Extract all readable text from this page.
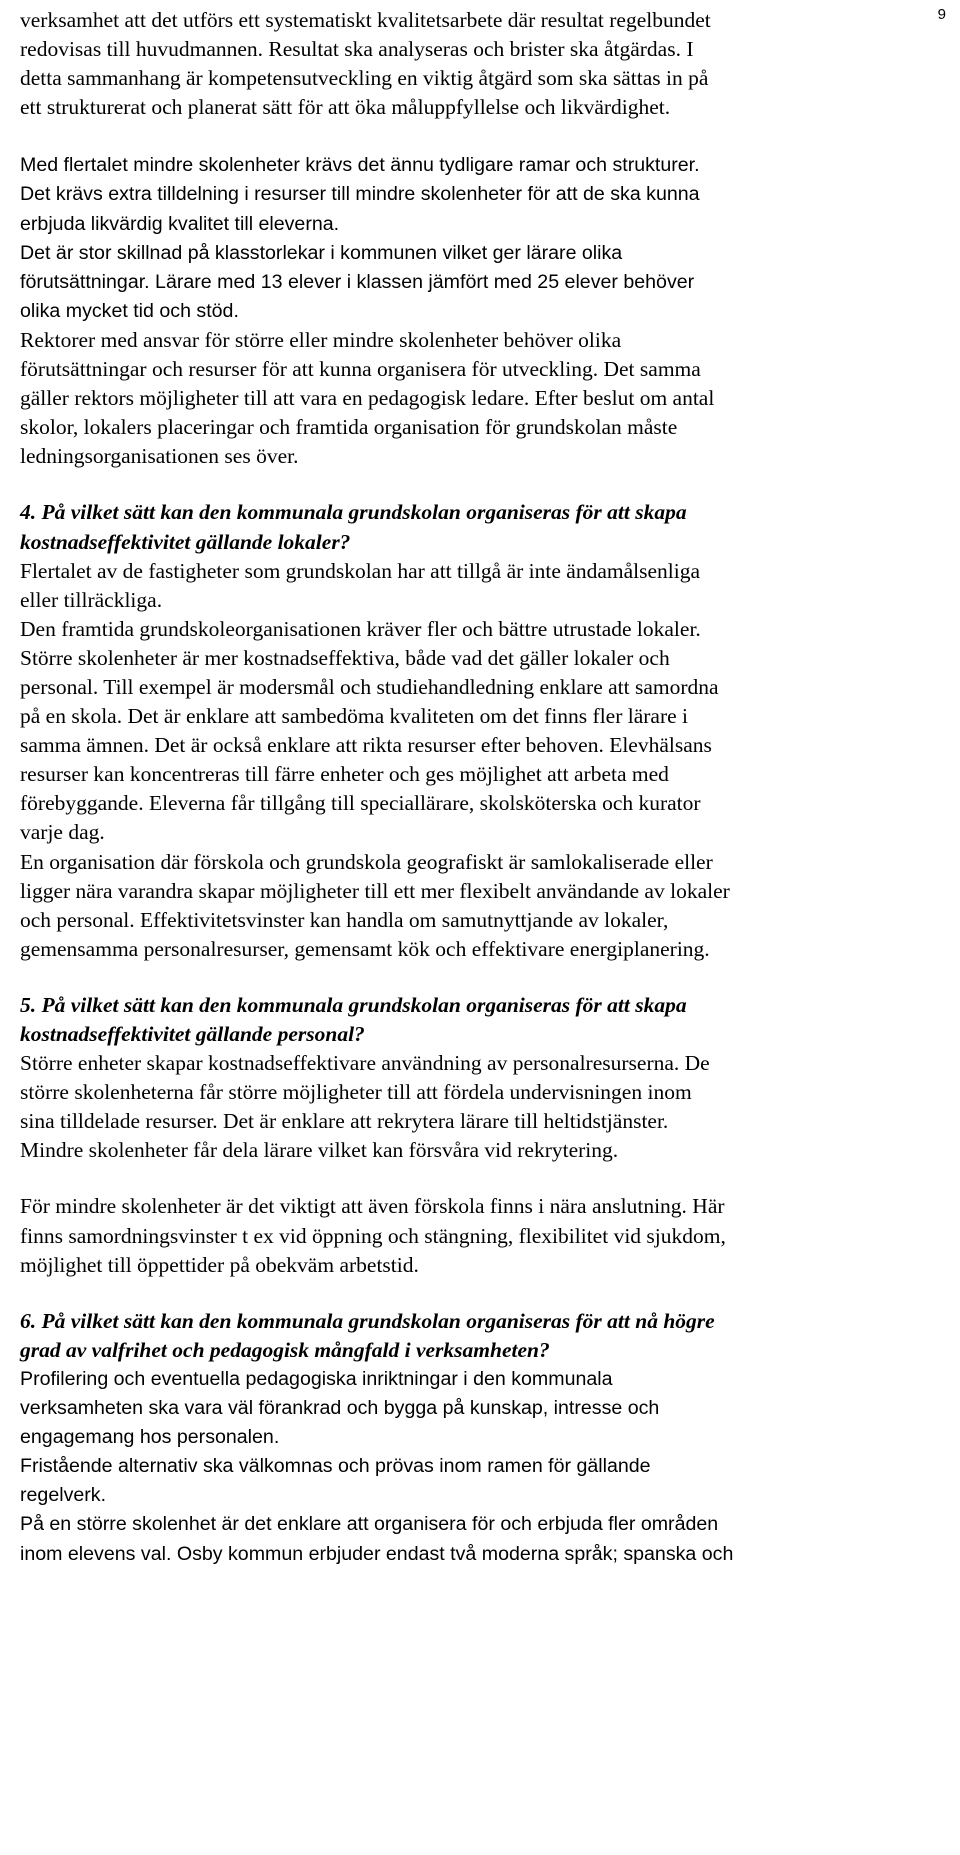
9

verksamhet att det utförs ett systematiskt kvalitetsarbete där resultat regelbundet
redovisas till huvudmannen. Resultat ska analyseras och brister ska åtgärdas. I
detta sammanhang är kompetensutveckling en viktig åtgärd som ska sättas in på
ett strukturerat och planerat sätt för att öka måluppfyllelse och likvärdighet.

Med flertalet mindre skolenheter krävs det ännu tydligare ramar och strukturer.
Det krävs extra tilldelning i resurser till mindre skolenheter för att de ska kunna
erbjuda likvärdig kvalitet till eleverna.
Det är stor skillnad på klasstorlekar i kommunen vilket ger lärare olika
förutsättningar. Lärare med 13 elever i klassen jämfört med 25 elever behöver
olika mycket tid och stöd.

Rektorer med ansvar för större eller mindre skolenheter behöver olika
förutsättningar och resurser för att kunna organisera för utveckling. Det samma
gäller rektors möjligheter till att vara en pedagogisk ledare. Efter beslut om antal
skolor, lokalers placeringar och framtida organisation för grundskolan måste
ledningsorganisationen ses över.

4. På vilket sätt kan den kommunala grundskolan organiseras för att skapa
kostnadseffektivitet gällande lokaler?

Flertalet av de fastigheter som grundskolan har att tillgå är inte ändamålsenliga
eller tillräckliga.
Den framtida grundskoleorganisationen kräver fler och bättre utrustade lokaler.
Större skolenheter är mer kostnadseffektiva, både vad det gäller lokaler och
personal. Till exempel är modersmål och studiehandledning enklare att samordna
på en skola. Det är enklare att sambedöma kvaliteten om det finns fler lärare i
samma ämnen. Det är också enklare att rikta resurser efter behoven. Elevhälsans
resurser kan koncentreras till färre enheter och ges möjlighet att arbeta med
förebyggande. Eleverna får tillgång till speciallärare, skolsköterska och kurator
varje dag.
En organisation där förskola och grundskola geografiskt är samlokaliserade eller
ligger nära varandra skapar möjligheter till ett mer flexibelt användande av lokaler
och personal. Effektivitetsvinster kan handla om samutnyttjande av lokaler,
gemensamma personalresurser, gemensamt kök och effektivare energiplanering.

5. På vilket sätt kan den kommunala grundskolan organiseras för att skapa
kostnadseffektivitet gällande personal?

Större enheter skapar kostnadseffektivare användning av personalresurserna. De
större skolenheterna får större möjligheter till att fördela undervisningen inom
sina tilldelade resurser. Det är enklare att rekrytera lärare till heltidstjänster.
Mindre skolenheter får dela lärare vilket kan försvåra vid rekrytering.

För mindre skolenheter är det viktigt att även förskola finns i nära anslutning. Här
finns samordningsvinster t ex vid öppning och stängning, flexibilitet vid sjukdom,
möjlighet till öppettider på obekväm arbetstid.

6. På vilket sätt kan den kommunala grundskolan organiseras för att nå högre
grad av valfrihet och pedagogisk mångfald i verksamheten?

Profilering och eventuella pedagogiska inriktningar i den kommunala
verksamheten ska vara väl förankrad och bygga på kunskap, intresse och
engagemang hos personalen.
Fristående alternativ ska välkomnas och prövas inom ramen för gällande
regelverk.
På en större skolenhet är det enklare att organisera för och erbjuda fler områden
inom elevens val. Osby kommun erbjuder endast två moderna språk; spanska och
